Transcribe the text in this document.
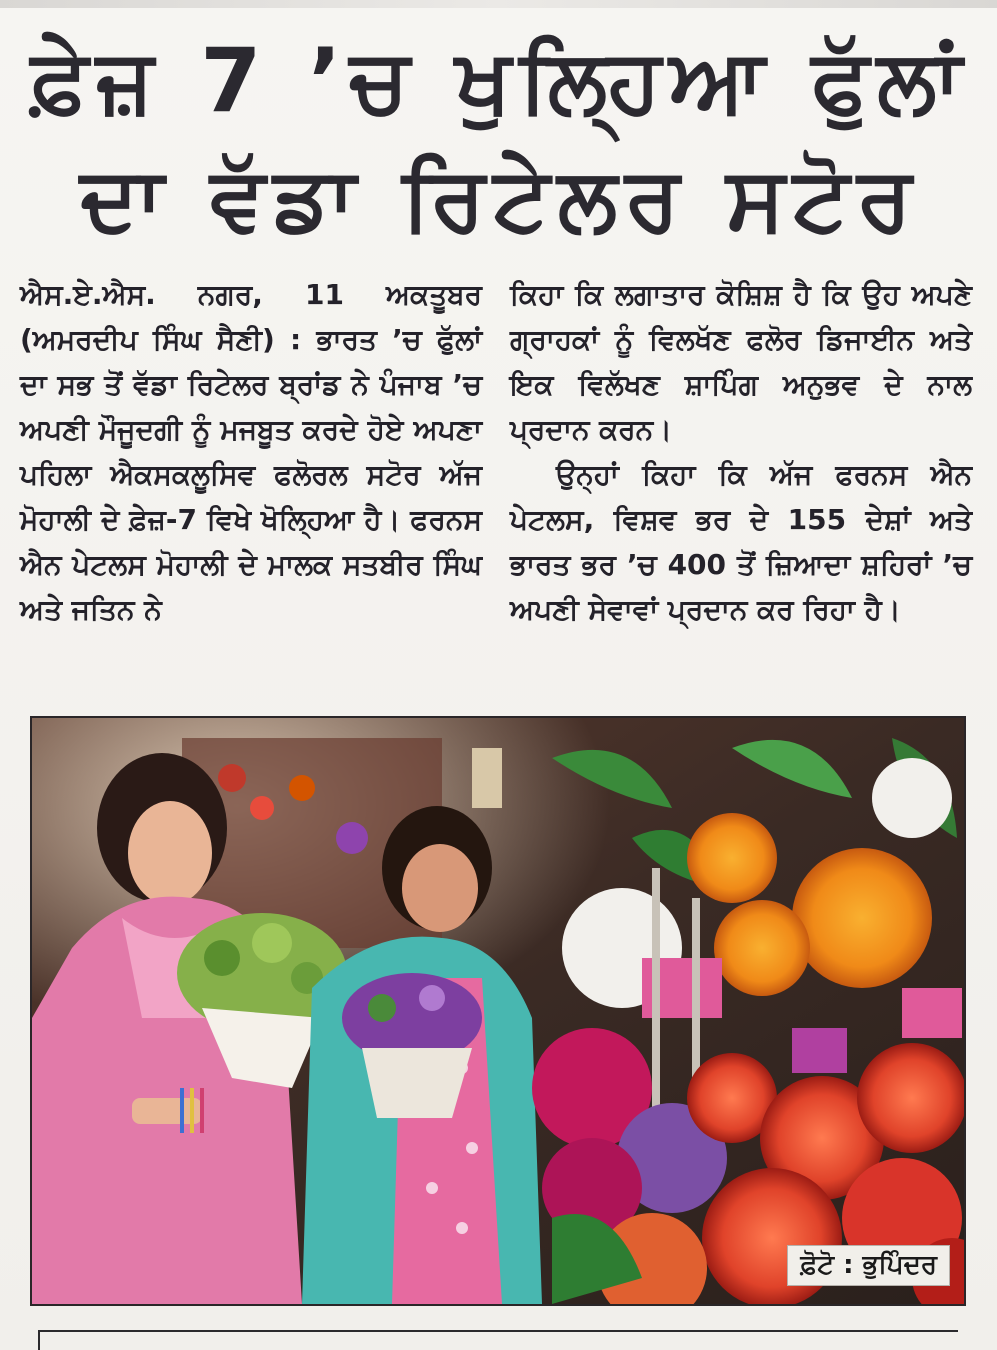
ਫ਼ੇਜ਼ 7 ’ਚ ਖੁਲ੍ਹਿਆ ਫੁੱਲਾਂ
ਦਾ ਵੱਡਾ ਰਿਟੇਲਰ ਸਟੋਰ
ਐਸ.ਏ.ਐਸ. ਨਗਰ, 11 ਅਕਤੂਬਰ (ਅਮਰਦੀਪ ਸਿੰਘ ਸੈਣੀ) : ਭਾਰਤ ’ਚ ਫੁੱਲਾਂ ਦਾ ਸਭ ਤੋਂ ਵੱਡਾ ਰਿਟੇਲਰ ਬ੍ਰਾਂਡ ਨੇ ਪੰਜਾਬ ’ਚ ਅਪਣੀ ਮੌਜੂਦਗੀ ਨੂੰ ਮਜਬੂਤ ਕਰਦੇ ਹੋਏ ਅਪਣਾ ਪਹਿਲਾ ਐਕਸਕਲੂਸਿਵ ਫਲੋਰਲ ਸਟੋਰ ਅੱਜ ਮੋਹਾਲੀ ਦੇ ਫ਼ੇਜ਼-7 ਵਿਖੇ ਖੋਲ੍ਹਿਆ ਹੈ। ਫਰਨਸ ਐਨ ਪੇਟਲਸ ਮੋਹਾਲੀ ਦੇ ਮਾਲਕ ਸਤਬੀਰ ਸਿੰਘ ਅਤੇ ਜਤਿਨ ਨੇ
ਕਿਹਾ ਕਿ ਲਗਾਤਾਰ ਕੋਸ਼ਿਸ਼ ਹੈ ਕਿ ਉਹ ਅਪਣੇ ਗ੍ਰਾਹਕਾਂ ਨੂੰ ਵਿਲਖੱਣ ਫਲੋਰ ਡਿਜਾਈਨ ਅਤੇ ਇਕ ਵਿਲੱਖਣ ਸ਼ਾਪਿੰਗ ਅਨੁਭਵ ਦੇ ਨਾਲ ਪ੍ਰਦਾਨ ਕਰਨ।

ਉਨ੍ਹਾਂ ਕਿਹਾ ਕਿ ਅੱਜ ਫਰਨਸ ਐਨ ਪੇਟਲਸ, ਵਿਸ਼ਵ ਭਰ ਦੇ 155 ਦੇਸ਼ਾਂ ਅਤੇ ਭਾਰਤ ਭਰ ’ਚ 400 ਤੋਂ ਜ਼ਿਆਦਾ ਸ਼ਹਿਰਾਂ ’ਚ ਅਪਣੀ ਸੇਵਾਵਾਂ ਪ੍ਰਦਾਨ ਕਰ ਰਿਹਾ ਹੈ।

ਫ਼ੋਟੋ : ਭੁਪਿੰਦਰ
